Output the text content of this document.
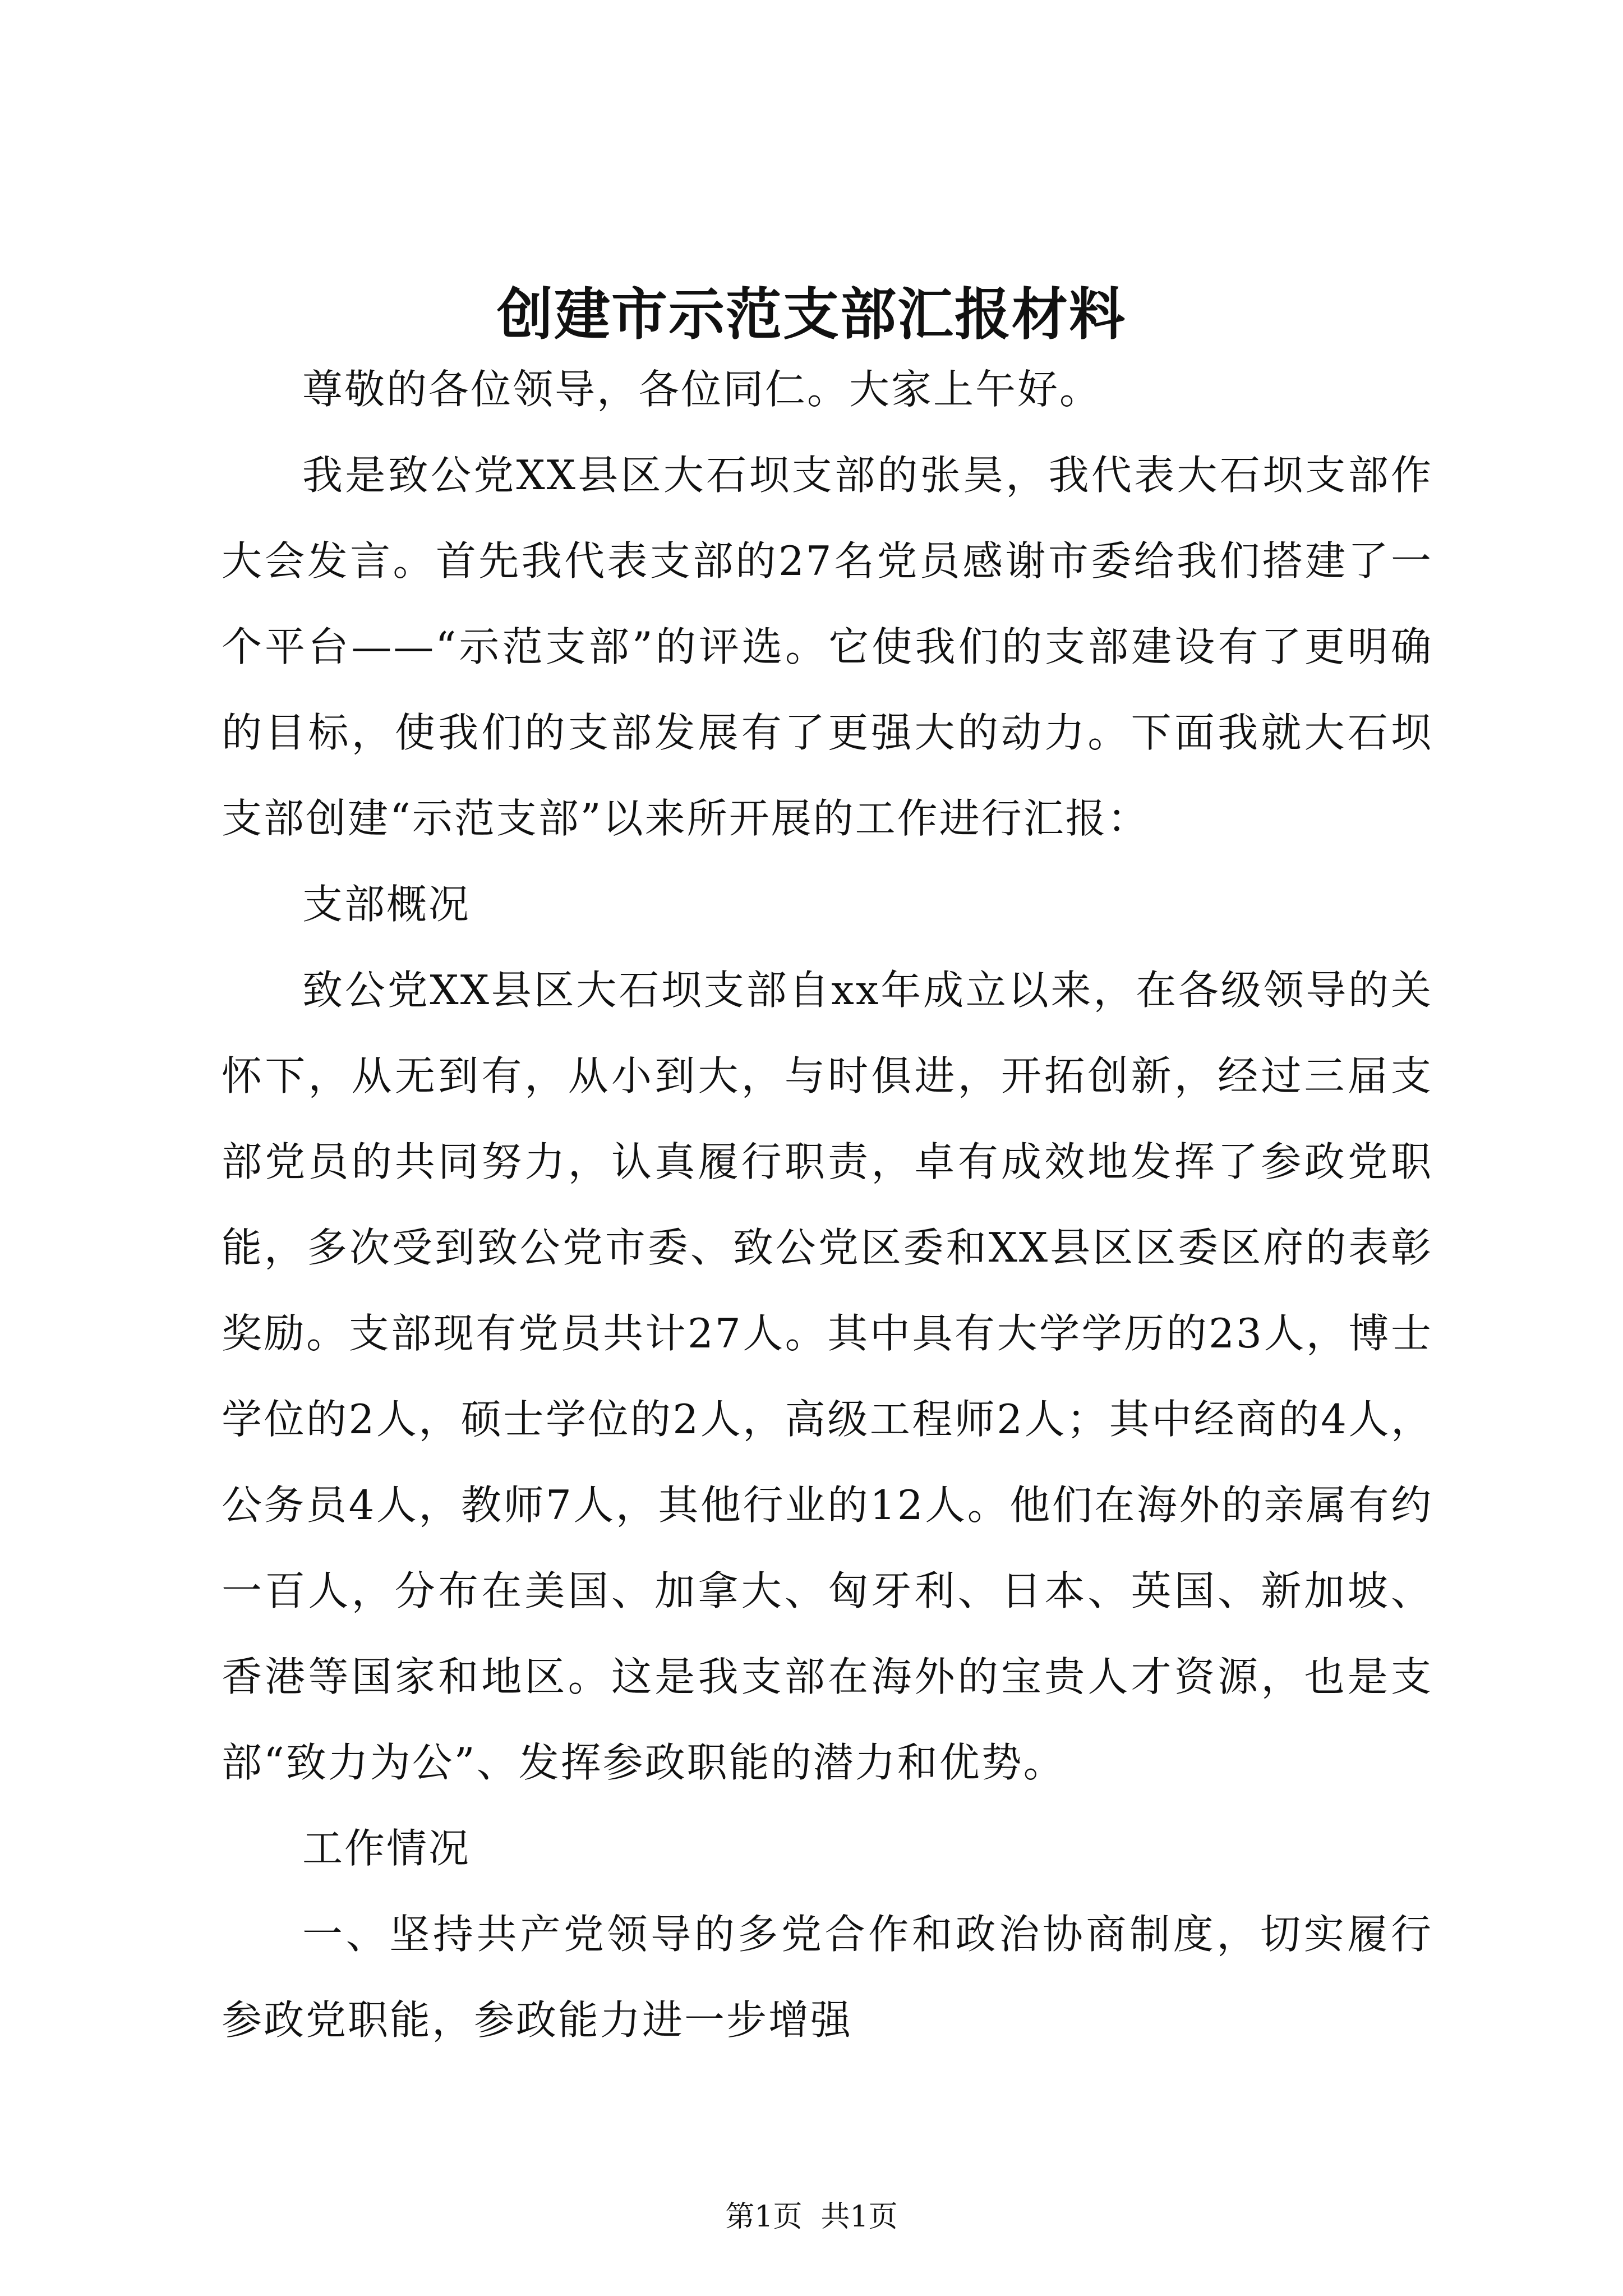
创建市示范支部汇报材料

尊敬的各位领导，各位同仁。大家上午好。

我是致公党XX县区大石坝支部的张昊，我代表大石坝支部作大会发言。首先我代表支部的27名党员感谢市委给我们搭建了一个平台——“示范支部”的评选。它使我们的支部建设有了更明确的目标，使我们的支部发展有了更强大的动力。下面我就大石坝支部创建“示范支部”以来所开展的工作进行汇报：

支部概况

致公党XX县区大石坝支部自xx年成立以来，在各级领导的关怀下，从无到有，从小到大，与时俱进，开拓创新，经过三届支部党员的共同努力，认真履行职责，卓有成效地发挥了参政党职能，多次受到致公党市委、致公党区委和XX县区区委区府的表彰奖励。支部现有党员共计27人。其中具有大学学历的23人，博士学位的2人，硕士学位的2人，高级工程师2人；其中经商的4人，公务员4人，教师7人，其他行业的12人。他们在海外的亲属有约一百人，分布在美国、加拿大、匈牙利、日本、英国、新加坡、香港等国家和地区。这是我支部在海外的宝贵人才资源，也是支部“致力为公”、发挥参政职能的潜力和优势。

工作情况

一、坚持共产党领导的多党合作和政治协商制度，切实履行参政党职能，参政能力进一步增强

第1页  共1页
